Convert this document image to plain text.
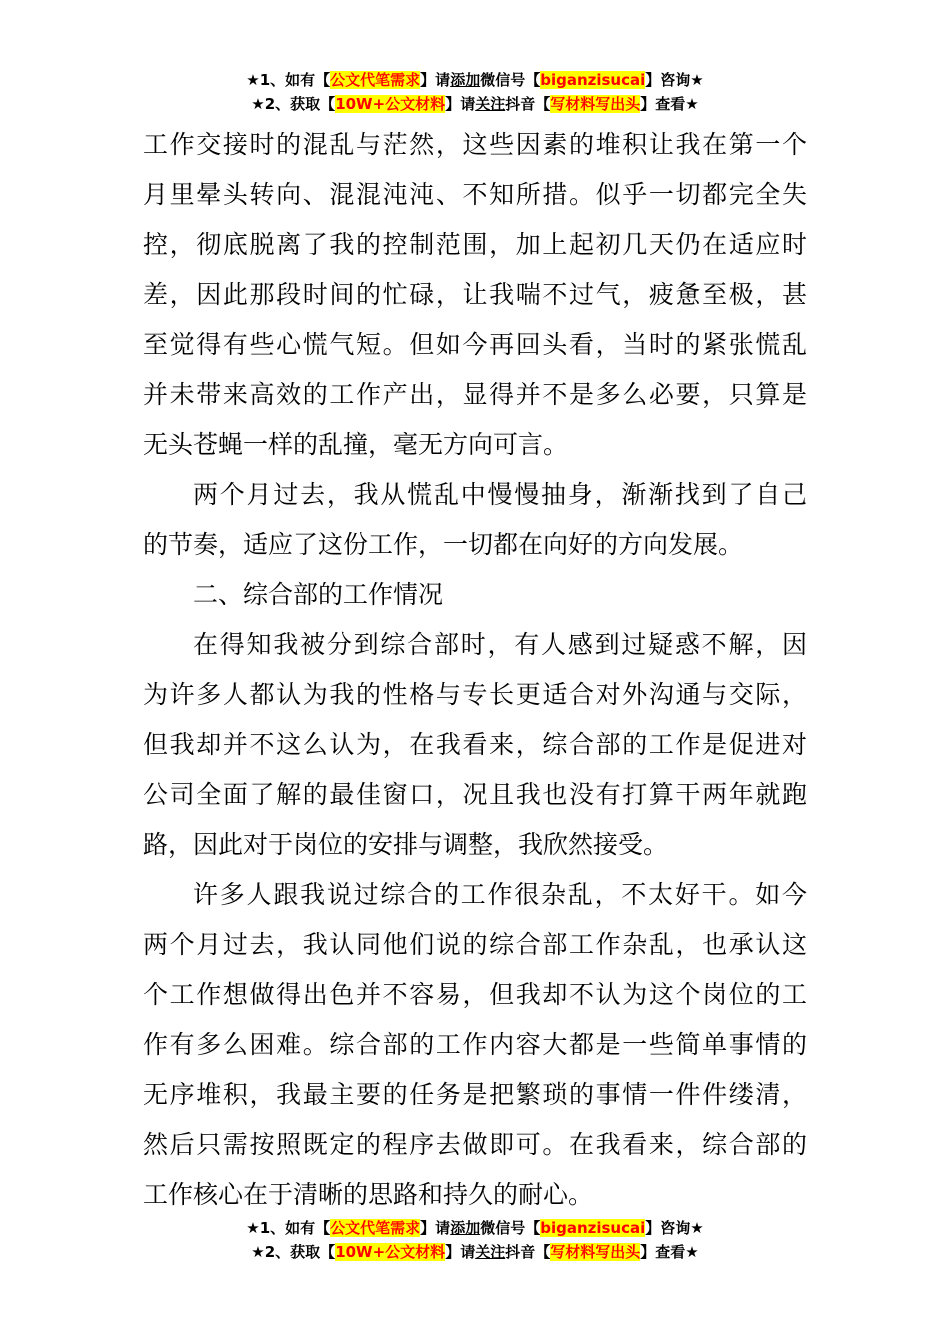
★1、如有【公文代笔需求】请添加微信号【biganzisucai】咨询★
★2、获取【10W+公文材料】请关注抖音【写材料写出头】查看★
工作交接时的混乱与茫然，这些因素的堆积让我在第一个
月里晕头转向、混混沌沌、不知所措。似乎一切都完全失
控，彻底脱离了我的控制范围，加上起初几天仍在适应时
差，因此那段时间的忙碌，让我喘不过气，疲惫至极，甚
至觉得有些心慌气短。但如今再回头看，当时的紧张慌乱
并未带来高效的工作产出，显得并不是多么必要，只算是
无头苍蝇一样的乱撞，毫无方向可言。
两个月过去，我从慌乱中慢慢抽身，渐渐找到了自己
的节奏，适应了这份工作，一切都在向好的方向发展。
二、综合部的工作情况
在得知我被分到综合部时，有人感到过疑惑不解，因
为许多人都认为我的性格与专长更适合对外沟通与交际，
但我却并不这么认为，在我看来，综合部的工作是促进对
公司全面了解的最佳窗口，况且我也没有打算干两年就跑
路，因此对于岗位的安排与调整，我欣然接受。
许多人跟我说过综合的工作很杂乱，不太好干。如今
两个月过去，我认同他们说的综合部工作杂乱，也承认这
个工作想做得出色并不容易，但我却不认为这个岗位的工
作有多么困难。综合部的工作内容大都是一些简单事情的
无序堆积，我最主要的任务是把繁琐的事情一件件缕清，
然后只需按照既定的程序去做即可。在我看来，综合部的
工作核心在于清晰的思路和持久的耐心。
★1、如有【公文代笔需求】请添加微信号【biganzisucai】咨询★
★2、获取【10W+公文材料】请关注抖音【写材料写出头】查看★
